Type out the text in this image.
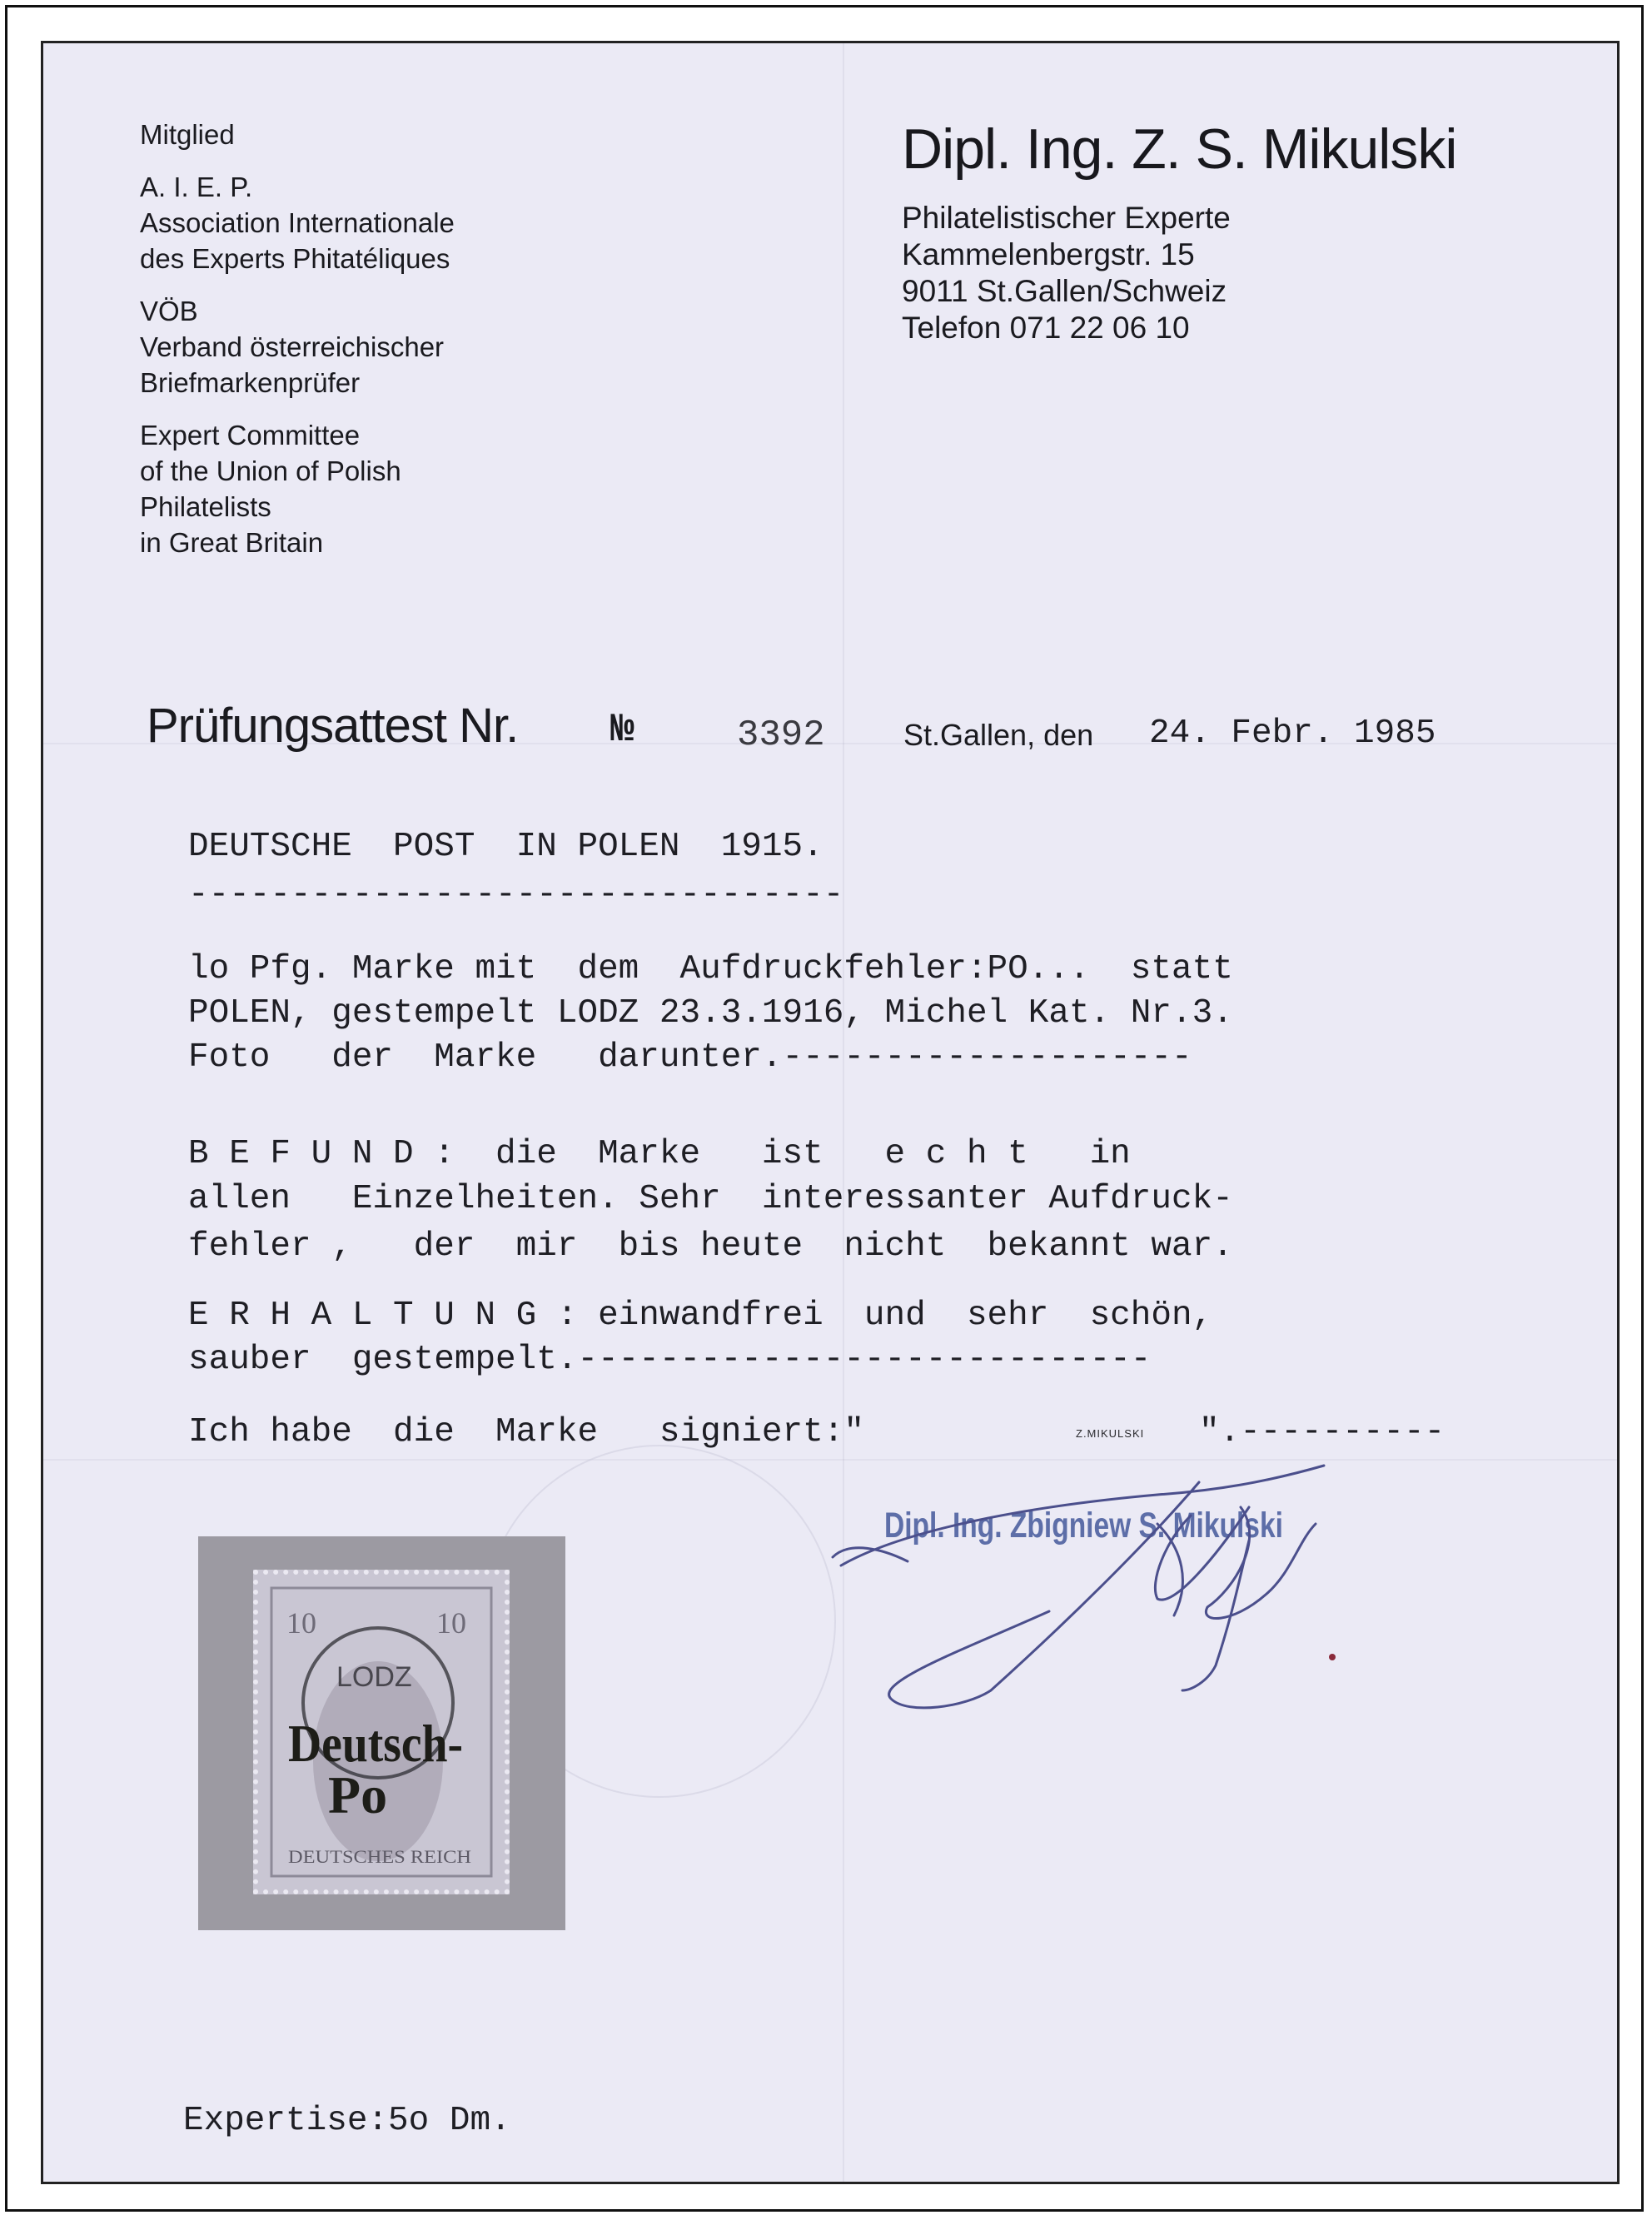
Mitglied
A. I. E. P.
Association Internationale
des Experts Phitatéliques
VÖB
Verband österreichischer
Briefmarkenprüfer
Expert Committee
of the Union of Polish
Philatelists
in Great Britain
Dipl. Ing. Z. S. Mikulski
Philatelistischer Experte
Kammelenbergstr. 15
9011 St.Gallen/Schweiz
Telefon 071 22 06 10
Prüfungsattest Nr. №	3392	St.Gallen, den 24. Febr. 1985
DEUTSCHE  POST  IN POLEN  1915.
--------------------------------
lo Pfg. Marke mit  dem  Aufdruckfehler:PO...  statt
POLEN, gestempelt LODZ 23.3.1916, Michel Kat. Nr.3.
Foto   der  Marke   darunter.--------------------
B E F U N D :  die  Marke   ist   e c h t   in
allen   Einzelheiten. Sehr  interessanter Aufdruck-
fehler ,   der  mir  bis heute  nicht  bekannt war.
E R H A L T U N G : einwandfrei  und  sehr  schön,
sauber  gestempelt.----------------------------
Ich habe  die  Marke   signiert:"	Z.MIKULSKI ".----------
10	10
LODZ
Deutsch-
Po
DEUTSCHES REICH
Dipl. Ing. Zbigniew S. Mikulski
Expertise:5o Dm.
